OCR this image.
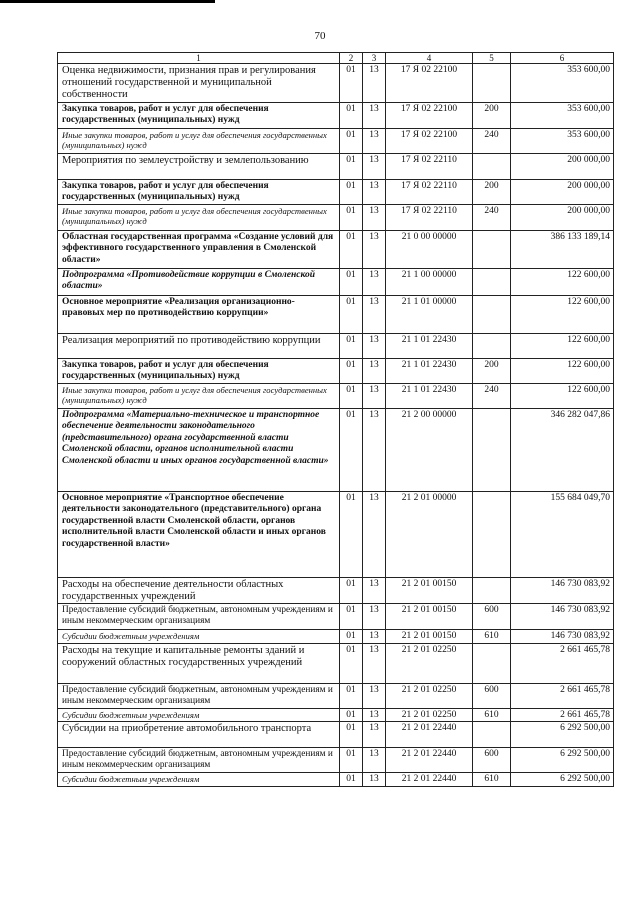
70
1	2	3	4	5	6
Оценка недвижимости, признания прав и регулирования отношений государственной и муниципальной собственности	01	13	17 Я 02 22100		353 600,00
Закупка товаров, работ и услуг для обеспечения государственных (муниципальных) нужд	01	13	17 Я 02 22100	200	353 600,00
Иные закупки товаров, работ и услуг для обеспечения государственных (муниципальных) нужд	01	13	17 Я 02 22100	240	353 600,00
Мероприятия по землеустройству и землепользованию	01	13	17 Я 02 22110		200 000,00
Закупка товаров, работ и услуг для обеспечения государственных (муниципальных) нужд	01	13	17 Я 02 22110	200	200 000,00
Иные закупки товаров, работ и услуг для обеспечения государственных (муниципальных) нужд	01	13	17 Я 02 22110	240	200 000,00
Областная государственная программа «Создание условий для эффективного государственного управления в Смоленской области»	01	13	21 0 00 00000		386 133 189,14
Подпрограмма «Противодействие коррупции в Смоленской области»	01	13	21 1 00 00000		122 600,00
Основное мероприятие «Реализация организационно-правовых мер по противодействию коррупции»	01	13	21 1 01 00000		122 600,00
Реализация мероприятий по противодействию коррупции	01	13	21 1 01 22430		122 600,00
Закупка товаров, работ и услуг для обеспечения государственных (муниципальных) нужд	01	13	21 1 01 22430	200	122 600,00
Иные закупки товаров, работ и услуг для обеспечения государственных (муниципальных) нужд	01	13	21 1 01 22430	240	122 600,00
Подпрограмма «Материально-техническое и транспортное обеспечение деятельности законодательного (представительного) органа государственной власти Смоленской области, органов исполнительной власти Смоленской области и иных органов государственной власти»	01	13	21 2 00 00000		346 282 047,86
Основное мероприятие «Транспортное обеспечение деятельности законодательного (представительного) органа государственной власти Смоленской области, органов исполнительной власти Смоленской области и иных органов государственной власти»	01	13	21 2 01 00000		155 684 049,70
Расходы на обеспечение деятельности областных государственных учреждений	01	13	21 2 01 00150		146 730 083,92
Предоставление субсидий бюджетным, автономным учреждениям и иным некоммерческим организациям	01	13	21 2 01 00150	600	146 730 083,92
Субсидии бюджетным учреждениям	01	13	21 2 01 00150	610	146 730 083,92
Расходы на текущие и капитальные ремонты зданий и сооружений областных государственных учреждений	01	13	21 2 01 02250		2 661 465,78
Предоставление субсидий бюджетным, автономным учреждениям и иным некоммерческим организациям	01	13	21 2 01 02250	600	2 661 465,78
Субсидии бюджетным учреждениям	01	13	21 2 01 02250	610	2 661 465,78
Субсидии на приобретение автомобильного транспорта	01	13	21 2 01 22440		6 292 500,00
Предоставление субсидий бюджетным, автономным учреждениям и иным некоммерческим организациям	01	13	21 2 01 22440	600	6 292 500,00
Субсидии бюджетным учреждениям	01	13	21 2 01 22440	610	6 292 500,00
